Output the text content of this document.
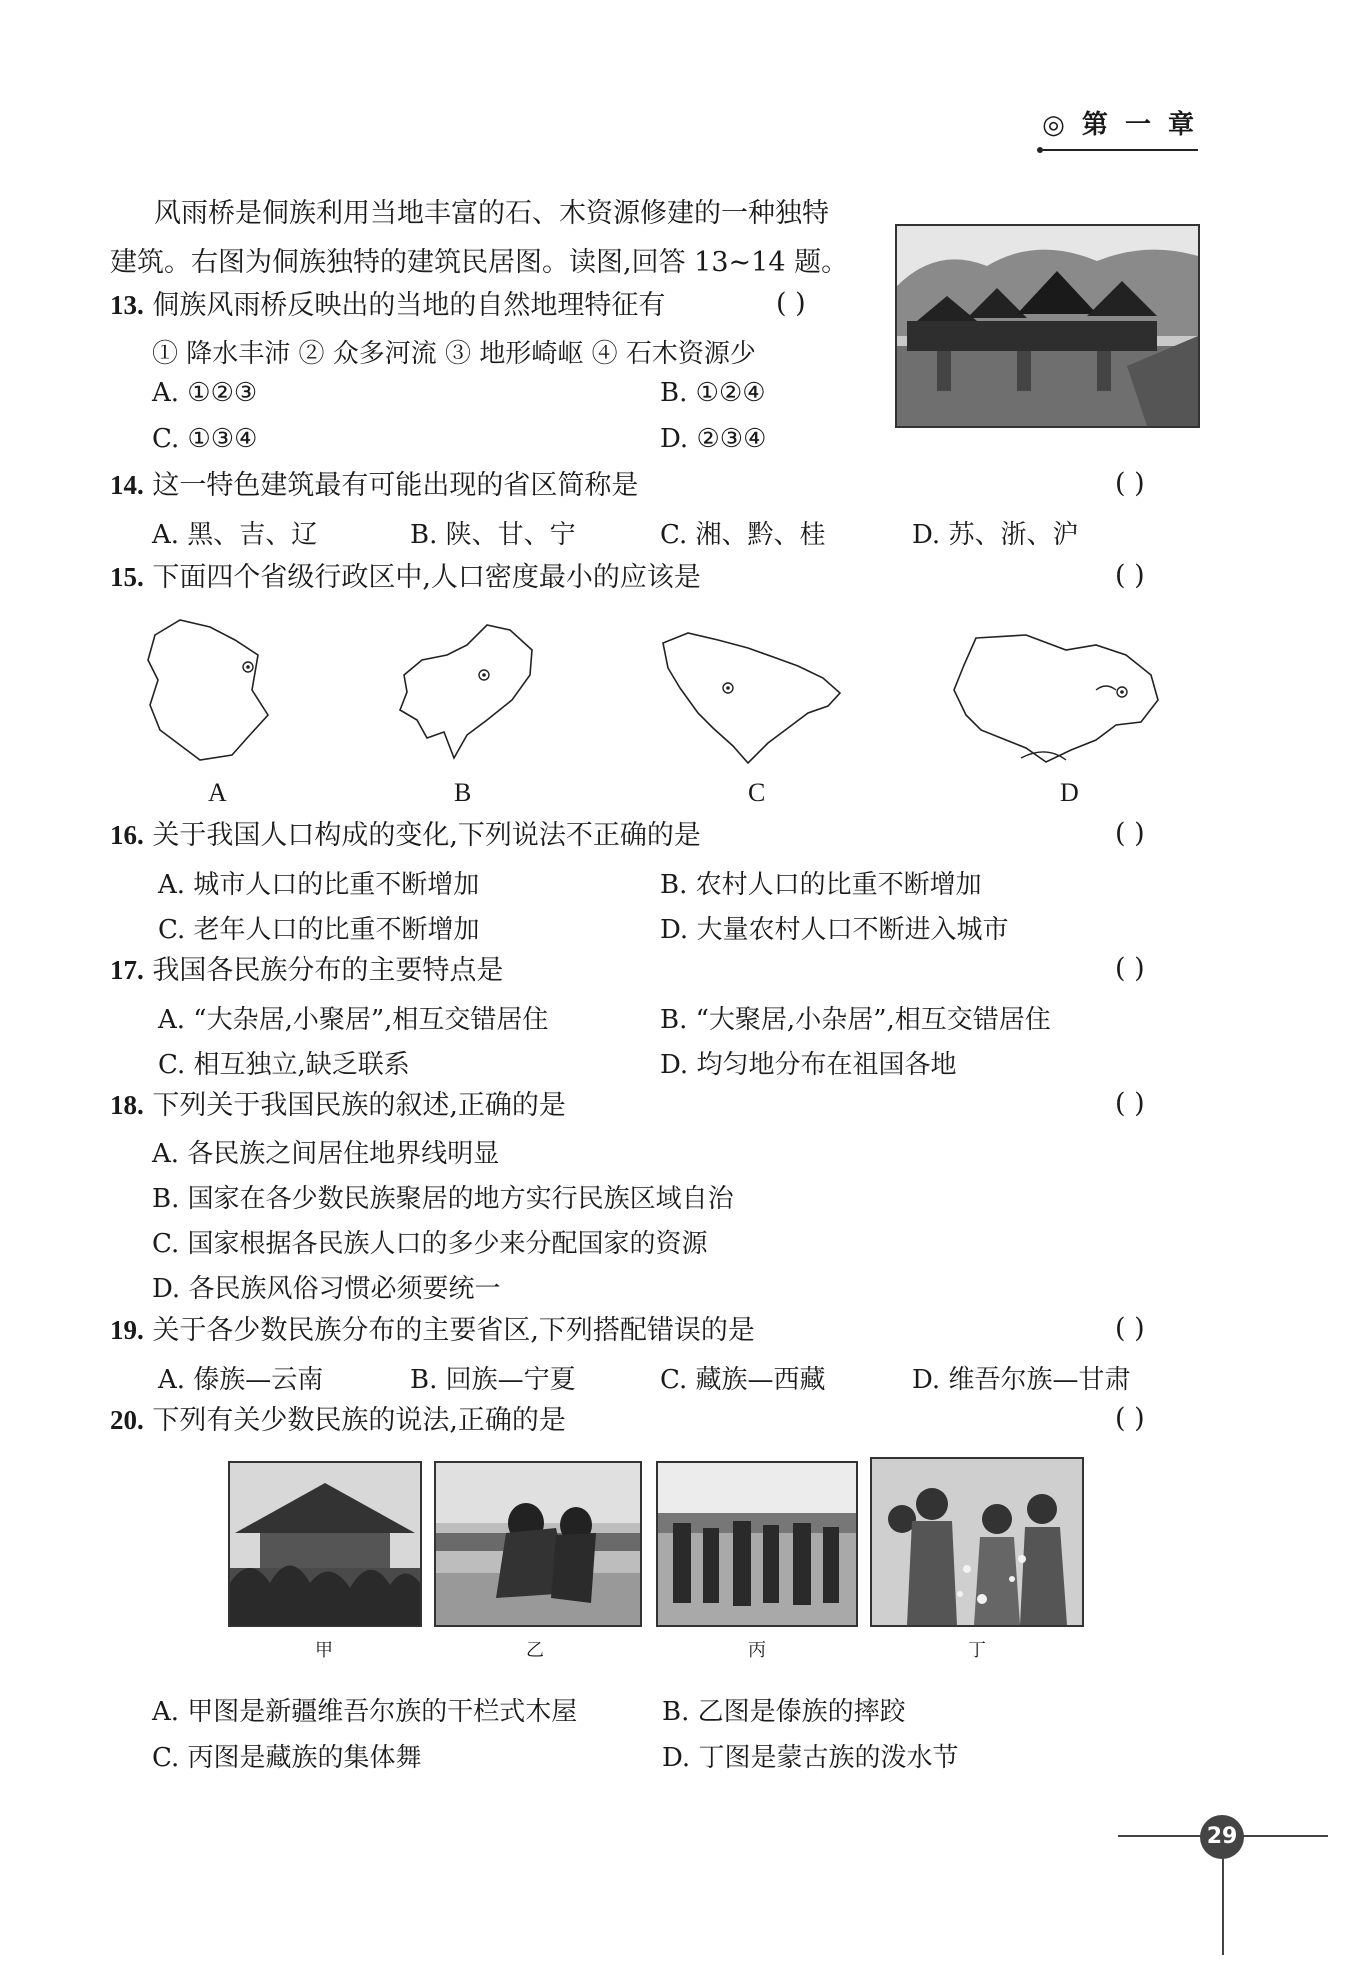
◎ 第 一 章
风雨桥是侗族利用当地丰富的石、木资源修建的一种独特
建筑。右图为侗族独特的建筑民居图。读图,回答 13~14 题。
13. 侗族风雨桥反映出的当地的自然地理特征有	( )
① 降水丰沛 ② 众多河流 ③ 地形崎岖 ④ 石木资源少
A. ①②③	B. ①②④
C. ①③④	D. ②③④
14. 这一特色建筑最有可能出现的省区简称是	( )
A. 黑、吉、辽	B. 陕、甘、宁	C. 湘、黔、桂	D. 苏、浙、沪
15. 下面四个省级行政区中,人口密度最小的应该是	( )
A	B	C	D
16. 关于我国人口构成的变化,下列说法不正确的是	( )
A. 城市人口的比重不断增加	B. 农村人口的比重不断增加
C. 老年人口的比重不断增加	D. 大量农村人口不断进入城市
17. 我国各民族分布的主要特点是	( )
A. “大杂居,小聚居”,相互交错居住	B. “大聚居,小杂居”,相互交错居住
C. 相互独立,缺乏联系	D. 均匀地分布在祖国各地
18. 下列关于我国民族的叙述,正确的是	( )
A. 各民族之间居住地界线明显
B. 国家在各少数民族聚居的地方实行民族区域自治
C. 国家根据各民族人口的多少来分配国家的资源
D. 各民族风俗习惯必须要统一
19. 关于各少数民族分布的主要省区,下列搭配错误的是	( )
A. 傣族—云南	B. 回族—宁夏	C. 藏族—西藏	D. 维吾尔族—甘肃
20. 下列有关少数民族的说法,正确的是	( )
甲	乙	丙	丁
A. 甲图是新疆维吾尔族的干栏式木屋	B. 乙图是傣族的摔跤
C. 丙图是藏族的集体舞	D. 丁图是蒙古族的泼水节
29
